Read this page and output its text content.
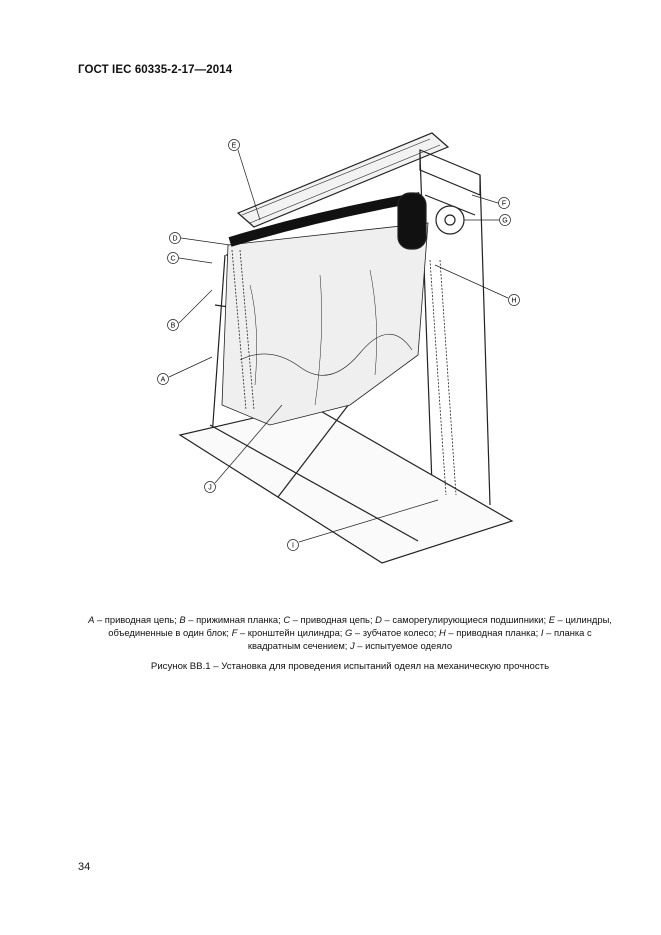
ГОСТ IEC 60335-2-17—2014
E
D
C
B
A
J
I
F
G
H
A – приводная цепь; B – прижимная планка; C – приводная цепь; D – саморегулирующиеся подшипники; E – цилиндры, объединенные в один блок; F – кронштейн цилиндра; G – зубчатое колесо; H – приводная планка; I – планка с квадратным сечением; J – испытуемое одеяло
Рисунок ВВ.1 – Установка для проведения испытаний одеял на механическую прочность
34
